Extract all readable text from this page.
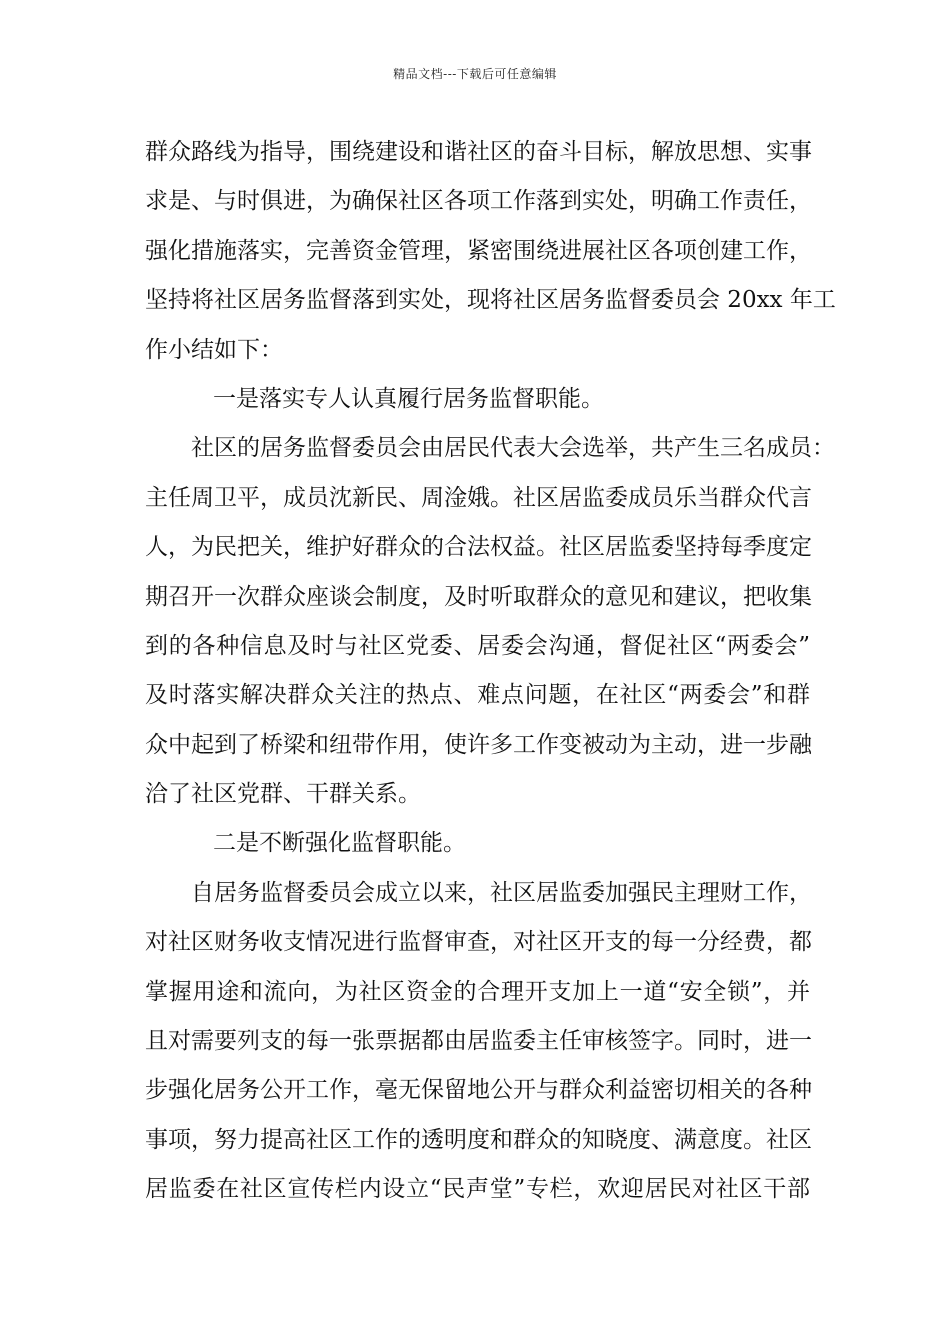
精品文档---下载后可任意编辑
群众路线为指导，围绕建设和谐社区的奋斗目标，解放思想、实事
求是、与时俱进，为确保社区各项工作落到实处，明确工作责任，
强化措施落实，完善资金管理，紧密围绕进展社区各项创建工作，
坚持将社区居务监督落到实处，现将社区居务监督委员会 20xx 年工
作小结如下：
一是落实专人认真履行居务监督职能。
社区的居务监督委员会由居民代表大会选举，共产生三名成员：
主任周卫平，成员沈新民、周淦娥。社区居监委成员乐当群众代言
人，为民把关，维护好群众的合法权益。社区居监委坚持每季度定
期召开一次群众座谈会制度，及时听取群众的意见和建议，把收集
到的各种信息及时与社区党委、居委会沟通，督促社区“两委会”
及时落实解决群众关注的热点、难点问题，在社区“两委会”和群
众中起到了桥梁和纽带作用，使许多工作变被动为主动，进一步融
洽了社区党群、干群关系。
二是不断强化监督职能。
自居务监督委员会成立以来，社区居监委加强民主理财工作，
对社区财务收支情况进行监督审查，对社区开支的每一分经费，都
掌握用途和流向，为社区资金的合理开支加上一道“安全锁”，并
且对需要列支的每一张票据都由居监委主任审核签字。同时，进一
步强化居务公开工作，毫无保留地公开与群众利益密切相关的各种
事项，努力提高社区工作的透明度和群众的知晓度、满意度。社区
居监委在社区宣传栏内设立“民声堂”专栏，欢迎居民对社区干部
